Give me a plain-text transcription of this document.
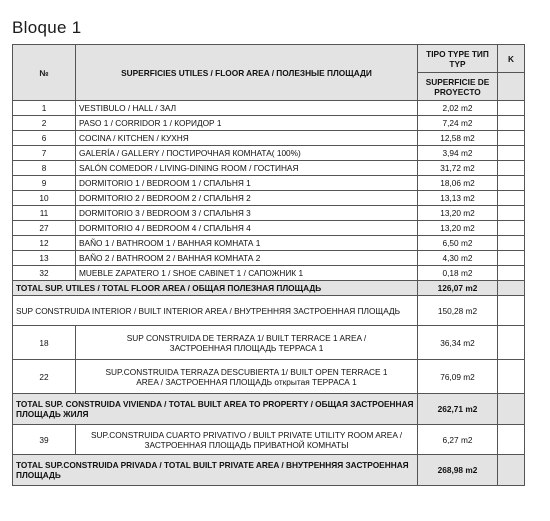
Bloque 1
№	SUPERFICIES UTILES / FLOOR AREA / ПОЛЕЗНЫЕ ПЛОЩАДИ	TIPO TYPE ТИП TYP	K
		SUPERFICIE DE PROYECTO	
1	VESTIBULO / HALL / ЗАЛ	2,02 m2	
2	PASO 1 / CORRIDOR 1 / КОРИДОР 1	7,24 m2	
6	COCINA / KITCHEN / КУХНЯ	12,58 m2	
7	GALERÍA / GALLERY / ПОСТИРОЧНАЯ КОМНАТА( 100%)	3,94 m2	
8	SALÓN COMEDOR / LIVING-DINING ROOM / ГОСТИНАЯ	31,72 m2	
9	DORMITORIO 1 / BEDROOM 1 / СПАЛЬНЯ 1	18,06 m2	
10	DORMITORIO 2 / BEDROOM 2 / СПАЛЬНЯ 2	13,13 m2	
11	DORMITORIO 3 / BEDROOM 3 / СПАЛЬНЯ 3	13,20 m2	
27	DORMITORIO 4 / BEDROOM 4 / СПАЛЬНЯ 4	13,20 m2	
12	BAÑO 1 / BATHROOM 1 / ВАННАЯ КОМНАТА 1	6,50 m2	
13	BAÑO 2 / BATHROOM 2 / ВАННАЯ КОМНАТА 2	4,30 m2	
32	MUEBLE ZAPATERO 1 / SHOE CABINET 1 / САПОЖНИК 1	0,18 m2	
TOTAL SUP. UTILES / TOTAL FLOOR AREA / ОБЩАЯ ПОЛЕЗНАЯ ПЛОЩАДЬ		126,07 m2	
SUP CONSTRUIDA INTERIOR / BUILT INTERIOR AREA / ВНУТРЕННЯЯ ЗАСТРОЕННАЯ ПЛОЩАДЬ		150,28 m2	
18	SUP CONSTRUIDA DE TERRAZA 1/ BUILT TERRACE 1 AREA / ЗАСТРОЕННАЯ ПЛОЩАДЬ ТЕРРАСА 1	36,34 m2	
22	SUP.CONSTRUIDA TERRAZA DESCUBIERTA 1/ BUILT OPEN TERRACE 1 AREA / ЗАСТРОЕННАЯ ПЛОЩАДЬ открытая ТЕРРАСА 1	76,09 m2	
TOTAL SUP. CONSTRUIDA VIVIENDA / TOTAL BUILT AREA TO PROPERTY / ОБЩАЯ ЗАСТРОЕННАЯ ПЛОЩАДЬ ЖИЛЯ		262,71 m2	
39	SUP.CONSTRUIDA CUARTO PRIVATIVO / BUILT PRIVATE UTILITY ROOM AREA / ЗАСТРОЕННАЯ ПЛОЩАДЬ ПРИВАТНОЙ КОМНАТЫ	6,27 m2	
TOTAL SUP.CONSTRUIDA PRIVADA / TOTAL BUILT PRIVATE AREA / ВНУТРЕННЯЯ ЗАСТРОЕННАЯ ПЛОЩАДЬ		268,98 m2	
